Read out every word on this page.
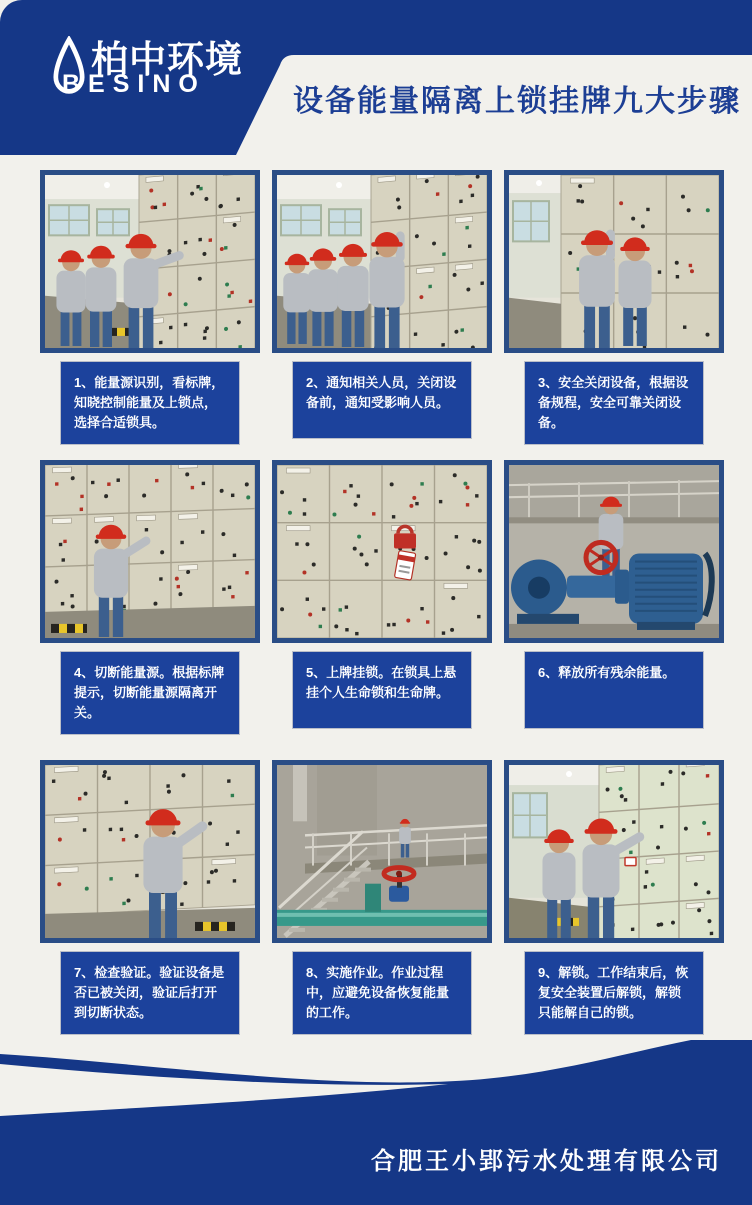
柏中环境
BESINO
设备能量隔离上锁挂牌九大步骤
1、能量源识别，看标牌，知晓控制能量及上锁点，选择合适锁具。
2、通知相关人员，关闭设备前，通知受影响人员。
3、安全关闭设备，根据设备规程，安全可靠关闭设备。
4、切断能量源。根据标牌提示，切断能量源隔离开关。
5、上牌挂锁。在锁具上悬挂个人生命锁和生命牌。
6、释放所有残余能量。
7、检查验证。验证设备是否已被关闭，验证后打开到切断状态。
8、实施作业。作业过程中，应避免设备恢复能量的工作。
9、解锁。工作结束后，恢复安全装置后解锁，解锁只能解自己的锁。
合肥王小郢污水处理有限公司
